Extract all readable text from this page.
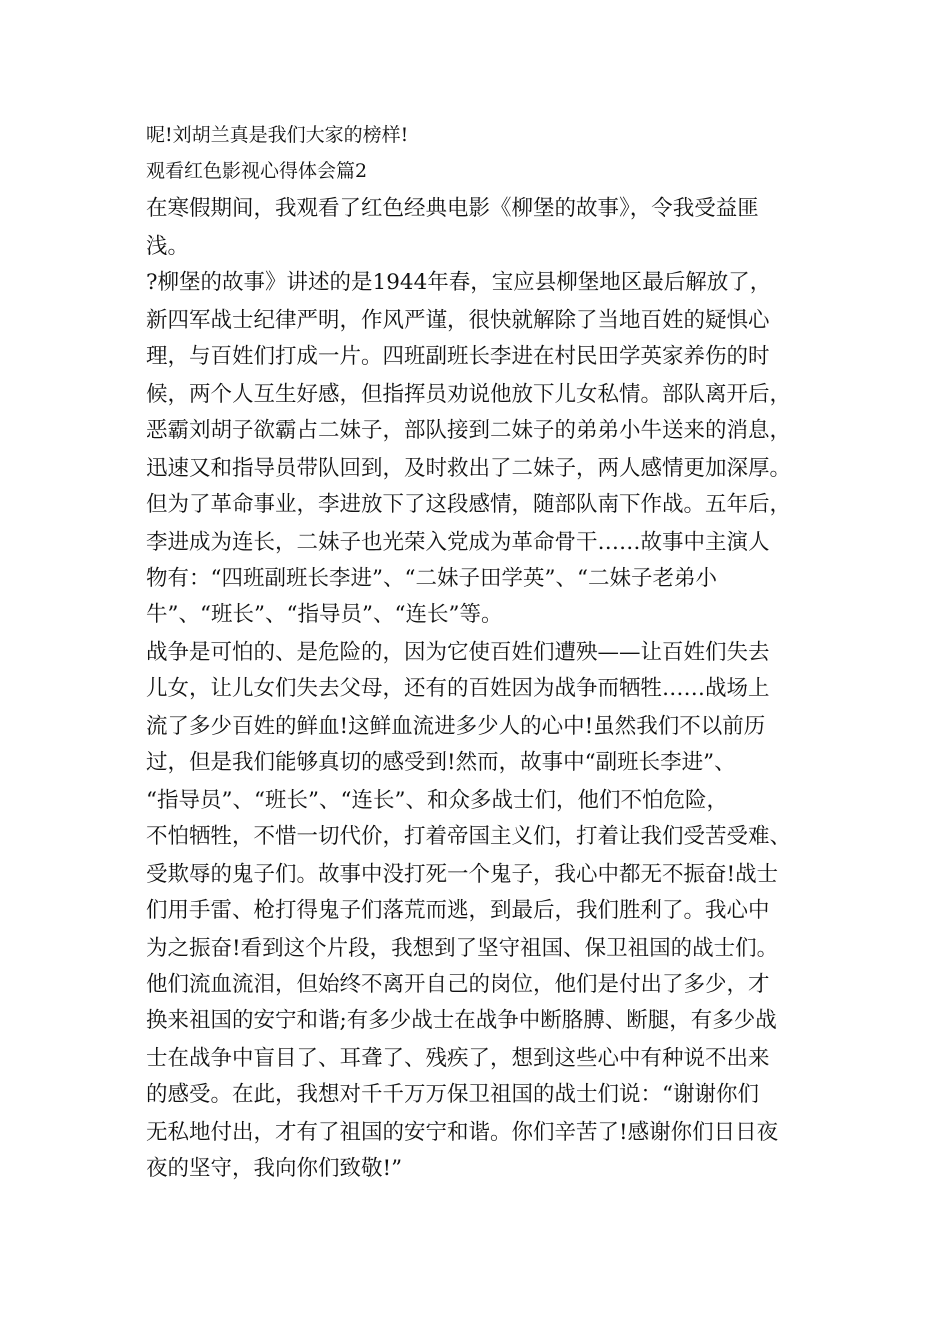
呢!刘胡兰真是我们大家的榜样!
观看红色影视心得体会篇2
在寒假期间，我观看了红色经典电影《柳堡的故事》，令我受益匪
浅。
?柳堡的故事》讲述的是1944年春，宝应县柳堡地区最后解放了，
新四军战士纪律严明，作风严谨，很快就解除了当地百姓的疑惧心
理，与百姓们打成一片。四班副班长李进在村民田学英家养伤的时
候，两个人互生好感，但指挥员劝说他放下儿女私情。部队离开后，
恶霸刘胡子欲霸占二妹子，部队接到二妹子的弟弟小牛送来的消息，
迅速又和指导员带队回到，及时救出了二妹子，两人感情更加深厚。
但为了革命事业，李进放下了这段感情，随部队南下作战。五年后，
李进成为连长，二妹子也光荣入党成为革命骨干……故事中主演人
物有：“四班副班长李进”、“二妹子田学英”、“二妹子老弟小
牛”、“班长”、“指导员”、“连长”等。
战争是可怕的、是危险的，因为它使百姓们遭殃——让百姓们失去
儿女，让儿女们失去父母，还有的百姓因为战争而牺牲……战场上
流了多少百姓的鲜血!这鲜血流进多少人的心中!虽然我们不以前历
过，但是我们能够真切的感受到!然而，故事中“副班长李进”、
“指导员”、“班长”、“连长”、和众多战士们，他们不怕危险，
不怕牺牲，不惜一切代价，打着帝国主义们，打着让我们受苦受难、
受欺辱的鬼子们。故事中没打死一个鬼子，我心中都无不振奋!战士
们用手雷、枪打得鬼子们落荒而逃，到最后，我们胜利了。我心中
为之振奋!看到这个片段，我想到了坚守祖国、保卫祖国的战士们。
他们流血流泪，但始终不离开自己的岗位，他们是付出了多少，才
换来祖国的安宁和谐;有多少战士在战争中断胳膊、断腿，有多少战
士在战争中盲目了、耳聋了、残疾了，想到这些心中有种说不出来
的感受。在此，我想对千千万万保卫祖国的战士们说：“谢谢你们
无私地付出，才有了祖国的安宁和谐。你们辛苦了!感谢你们日日夜
夜的坚守，我向你们致敬!”
